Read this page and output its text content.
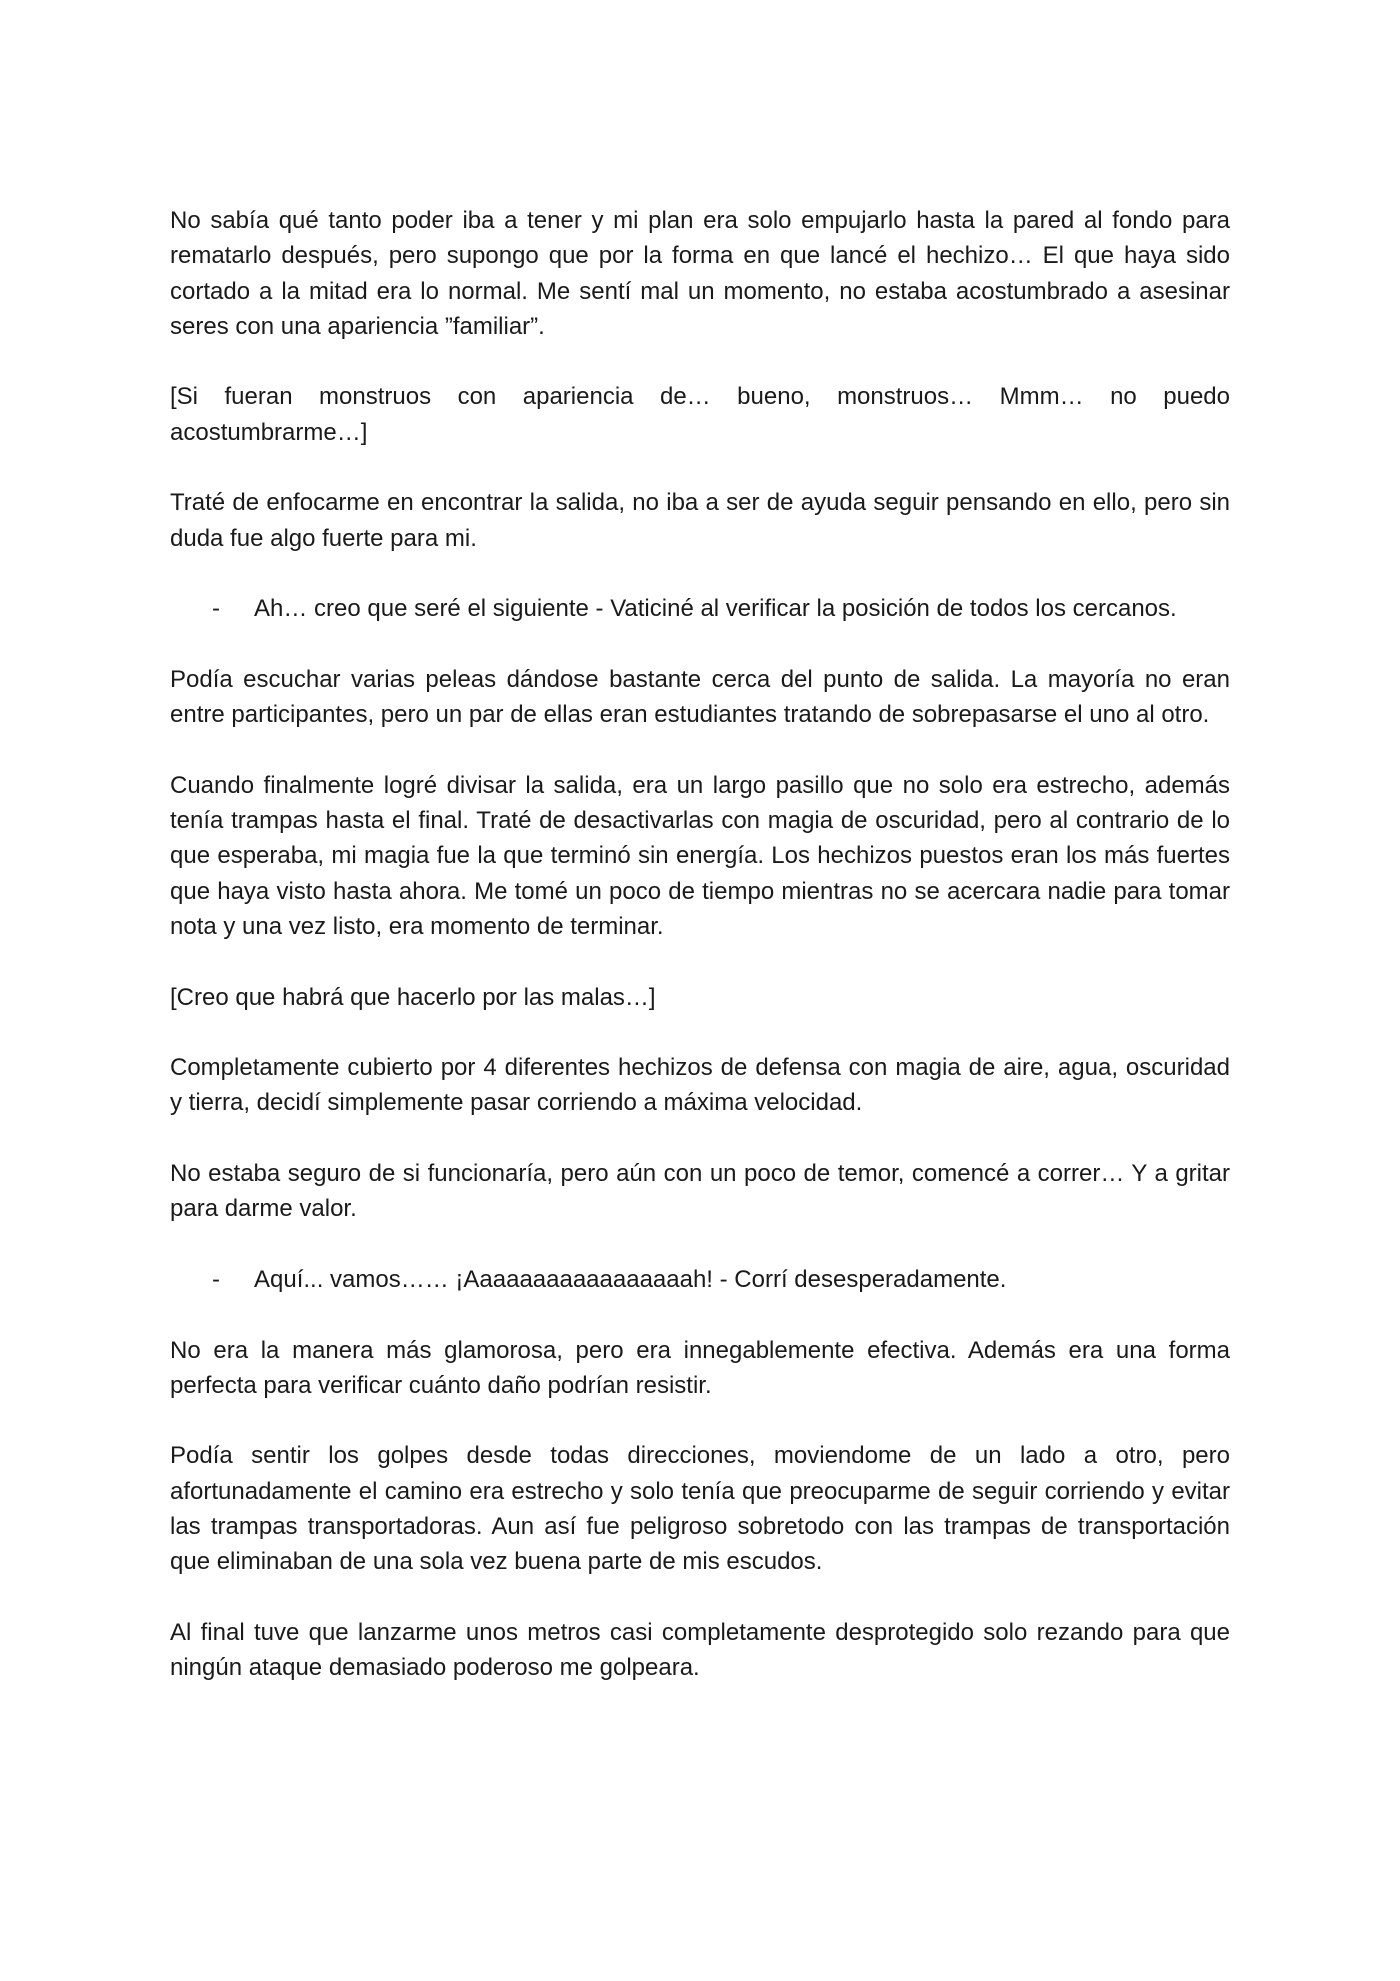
No sabía qué tanto poder iba a tener y mi plan era solo empujarlo hasta la pared al fondo para rematarlo después, pero supongo que por la forma en que lancé el hechizo… El que haya sido cortado a la mitad era lo normal. Me sentí mal un momento, no estaba acostumbrado a asesinar seres con una apariencia ”familiar”.

[Si fueran monstruos con apariencia de… bueno, monstruos… Mmm… no puedo acostumbrarme…]

Traté de enfocarme en encontrar la salida, no iba a ser de ayuda seguir pensando en ello, pero sin duda fue algo fuerte para mi.

- Ah… creo que seré el siguiente - Vaticiné al verificar la posición de todos los cercanos.

Podía escuchar varias peleas dándose bastante cerca del punto de salida. La mayoría no eran entre participantes, pero un par de ellas eran estudiantes tratando de sobrepasarse el uno al otro.

Cuando finalmente logré divisar la salida, era un largo pasillo que no solo era estrecho, además tenía trampas hasta el final. Traté de desactivarlas con magia de oscuridad, pero al contrario de lo que esperaba, mi magia fue la que terminó sin energía. Los hechizos puestos eran los más fuertes que haya visto hasta ahora. Me tomé un poco de tiempo mientras no se acercara nadie para tomar nota y una vez listo, era momento de terminar.

[Creo que habrá que hacerlo por las malas…]

Completamente cubierto por 4 diferentes hechizos de defensa con magia de aire, agua, oscuridad y tierra, decidí simplemente pasar corriendo a máxima velocidad.

No estaba seguro de si funcionaría, pero aún con un poco de temor, comencé a correr… Y a gritar para darme valor.

- Aquí... vamos…… ¡Aaaaaaaaaaaaaaaaah! - Corrí desesperadamente.

No era la manera más glamorosa, pero era innegablemente efectiva. Además era una forma perfecta para verificar cuánto daño podrían resistir.

Podía sentir los golpes desde todas direcciones, moviendome de un lado a otro, pero afortunadamente el camino era estrecho y solo tenía que preocuparme de seguir corriendo y evitar las trampas transportadoras. Aun así fue peligroso sobretodo con las trampas de transportación que eliminaban de una sola vez buena parte de mis escudos.

Al final tuve que lanzarme unos metros casi completamente desprotegido solo rezando para que ningún ataque demasiado poderoso me golpeara.
